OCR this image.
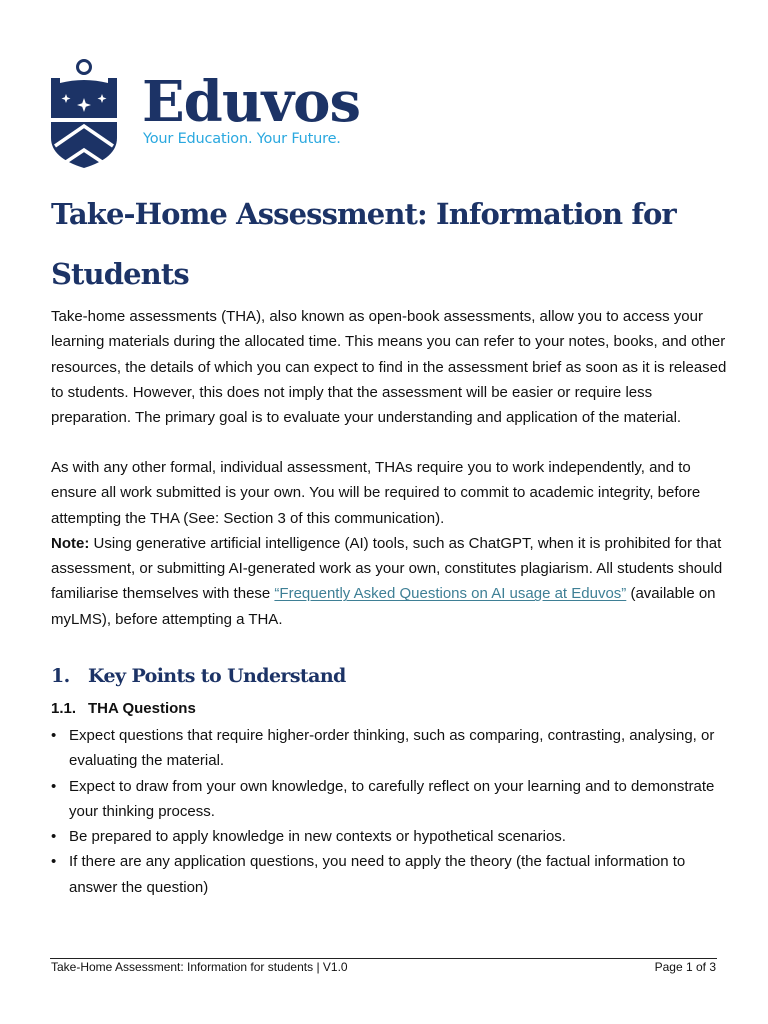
Eduvos
Your Education. Your Future.
Take-Home Assessment: Information for Students

Take-home assessments (THA), also known as open-book assessments, allow you to access your learning materials during the allocated time. This means you can refer to your notes, books, and other resources, the details of which you can expect to find in the assessment brief as soon as it is released to students. However, this does not imply that the assessment will be easier or require less preparation. The primary goal is to evaluate your understanding and application of the material.

As with any other formal, individual assessment, THAs require you to work independently, and to ensure all work submitted is your own. You will be required to commit to academic integrity, before attempting the THA (See: Section 3 of this communication).

Note: Using generative artificial intelligence (AI) tools, such as ChatGPT, when it is prohibited for that assessment, or submitting AI-generated work as your own, constitutes plagiarism. All students should familiarise themselves with these “Frequently Asked Questions on AI usage at Eduvos” (available on myLMS), before attempting a THA.

1. Key Points to Understand
1.1. THA Questions
• Expect questions that require higher-order thinking, such as comparing, contrasting, analysing, or evaluating the material.
• Expect to draw from your own knowledge, to carefully reflect on your learning and to demonstrate your thinking process.
• Be prepared to apply knowledge in new contexts or hypothetical scenarios.
• If there are any application questions, you need to apply the theory (the factual information to answer the question)
Take-Home Assessment: Information for students | V1.0	Page 1 of 3
